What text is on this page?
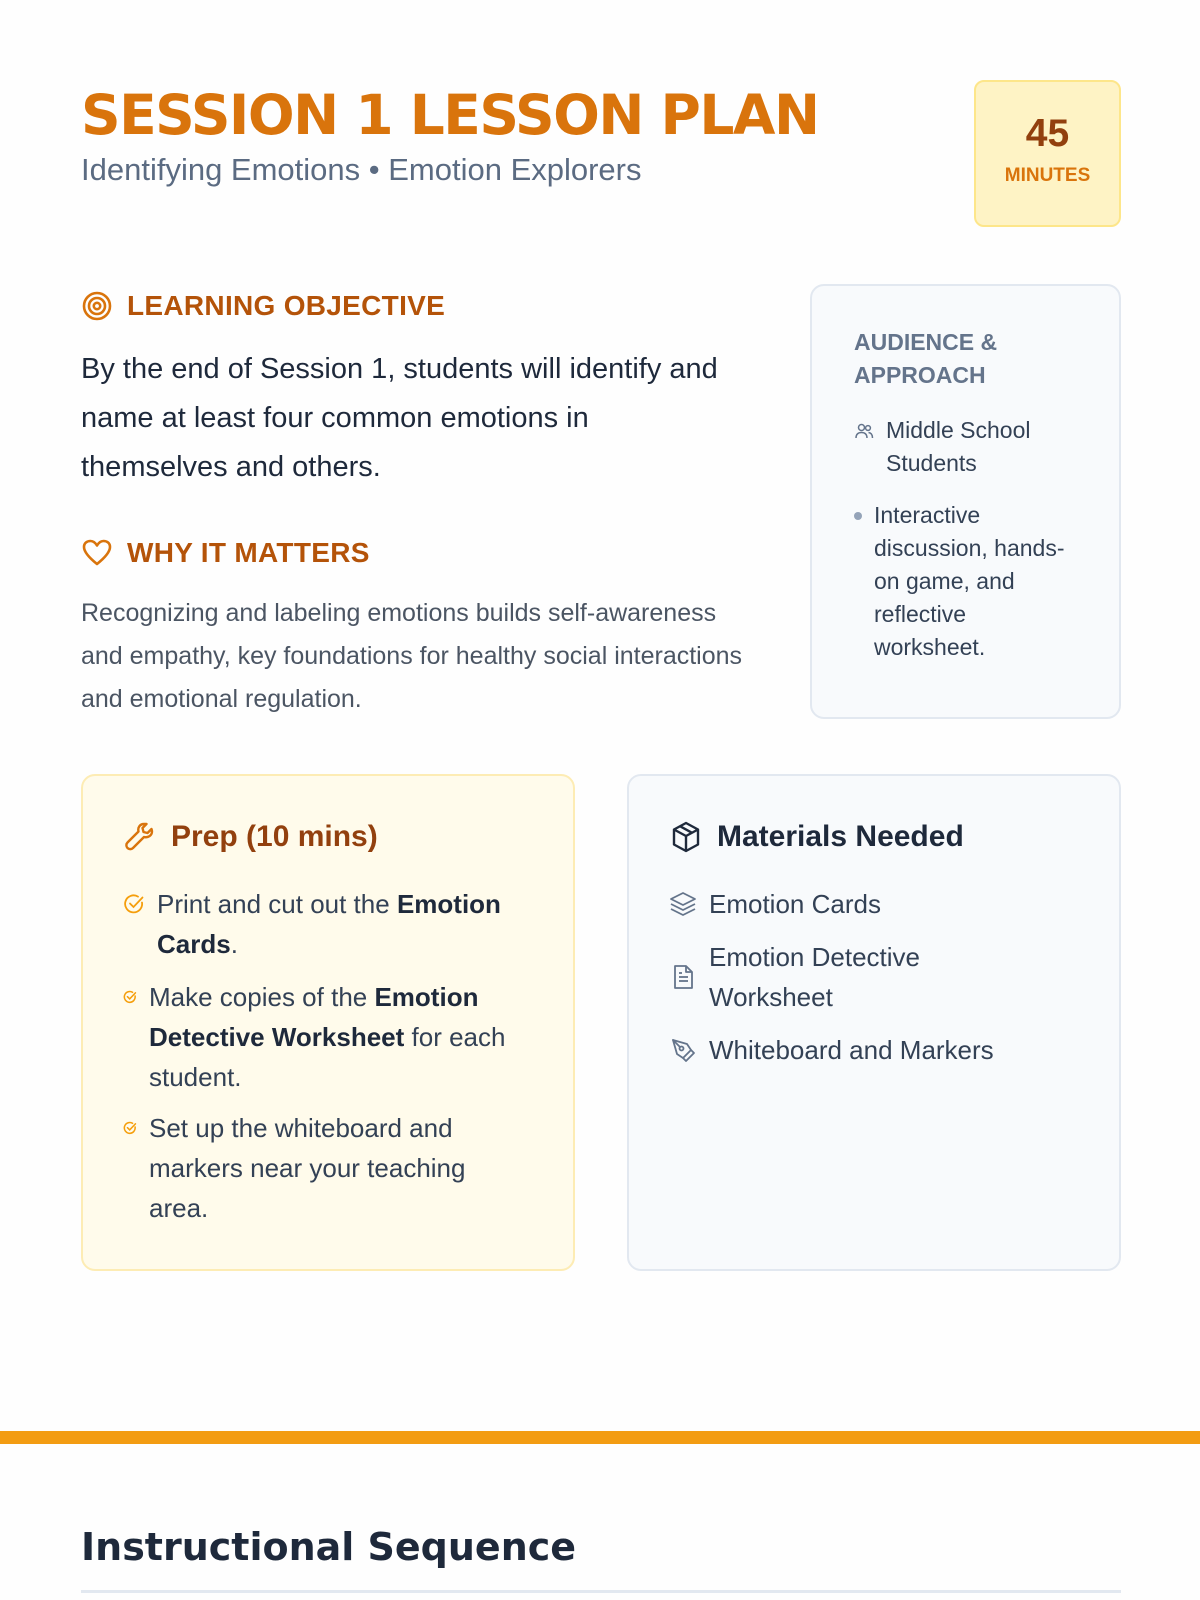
SESSION 1 LESSON PLAN

Identifying Emotions • Emotion Explorers

45
MINUTES
LEARNING OBJECTIVE

By the end of Session 1, students will identify and name at least four common emotions in themselves and others.

WHY IT MATTERS

Recognizing and labeling emotions builds self-awareness and empathy, key foundations for healthy social interactions and emotional regulation.

AUDIENCE & APPROACH

Middle School Students
Interactive discussion, hands-on game, and reflective worksheet.
Prep (10 mins)
Print and cut out the Emotion Cards.
Make copies of the Emotion Detective Worksheet for each student.
Set up the whiteboard and markers near your teaching area.
Materials Needed
Emotion Cards
Emotion Detective Worksheet
Whiteboard and Markers
Instructional Sequence
